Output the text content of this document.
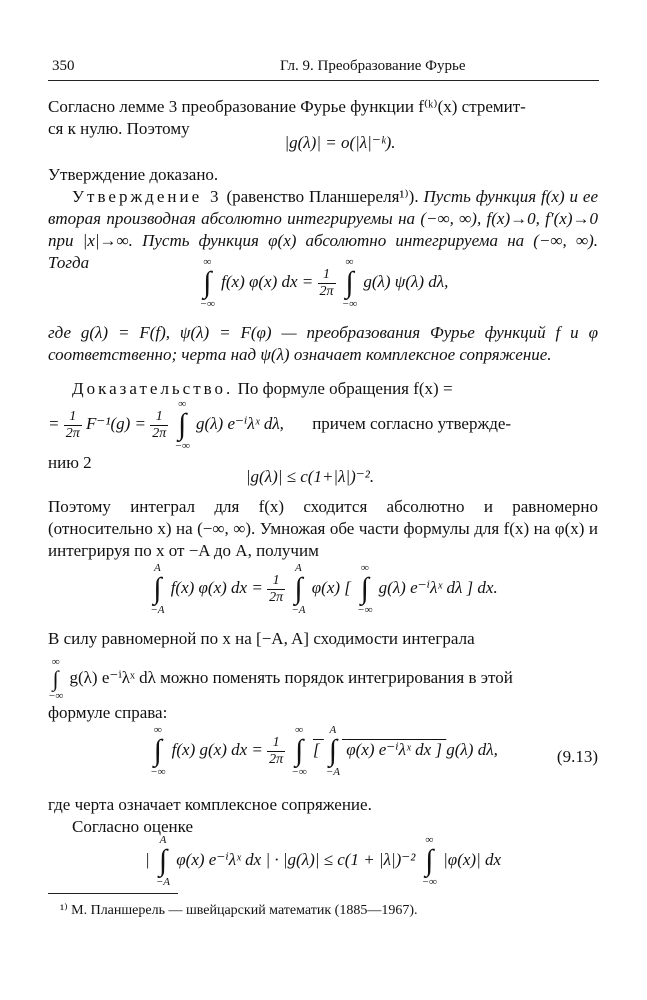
350	Гл. 9. Преобразование Фурье
Согласно лемме 3 преобразование Фурье функции f⁽ᵏ⁾(x) стремит-
ся к нулю. Поэтому
|g(λ)| = o(|λ|⁻ᵏ).
Утверждение доказано.
Утверждение 3 (равенство Планшереля¹⁾). Пусть функция f(x) и ее вторая производная абсолютно интегрируемы на (−∞, ∞), f(x)→0, f′(x)→0 при |x|→∞. Пусть функция φ(x) абсолютно интегрируема на (−∞, ∞). Тогда	∞
∫
−∞
f(x) φ(x) dx = $\frac{1}{2\pi}$

∞
∫
−∞
g(λ) ψ(λ) dλ,
где g(λ) = F(f), ψ(λ) = F(φ) — преобразования Фурье функций f и φ соответственно; черта над ψ(λ) означает комплексное сопряжение.
Доказательство. По формуле обращения f(x) =
= $\frac{1}{2\pi} F^{-1}(g) = \frac{1}{2\pi}$

∞
∫
−∞
g(λ) e⁻ⁱλˣ dλ, причем согласно утвержде-
нию 2
|g(λ)| ≤ c(1+|λ|)⁻².
Поэтому интеграл для f(x) сходится абсолютно и равномерно (относительно x) на (−∞, ∞). Умножая обе части формулы для f(x) на φ(x) и интегрируя по x от −A до A, получим
A
∫
−A
f(x) φ(x) dx = $\frac{1}{2\pi}$

A
∫
−A
φ(x) [
∞
∫
−∞
g(λ) e⁻ⁱλˣ dλ ] dx.
В силу равномерной по x на [−A, A] сходимости интеграла
∞
∫
−∞
g(λ) e⁻ⁱλˣ dλ можно поменять порядок интегрирования в этой
формуле справа:
∞
∫
−∞
f(x) g(x) dx = $\frac{1}{2\pi}$

∞
∫
−∞
[
A
∫
−A
φ(x) e⁻ⁱλˣ dx ] g(λ) dλ,	(9.13)
где черта означает комплексное сопряжение.
Согласно оценке
|
A
∫
−A
φ(x) e⁻ⁱλˣ dx | · |g(λ)| ≤ c(1 + |λ|)⁻²
∞
∫
−∞
|φ(x)| dx
¹⁾ М. Планшерель — швейцарский математик (1885—1967).
